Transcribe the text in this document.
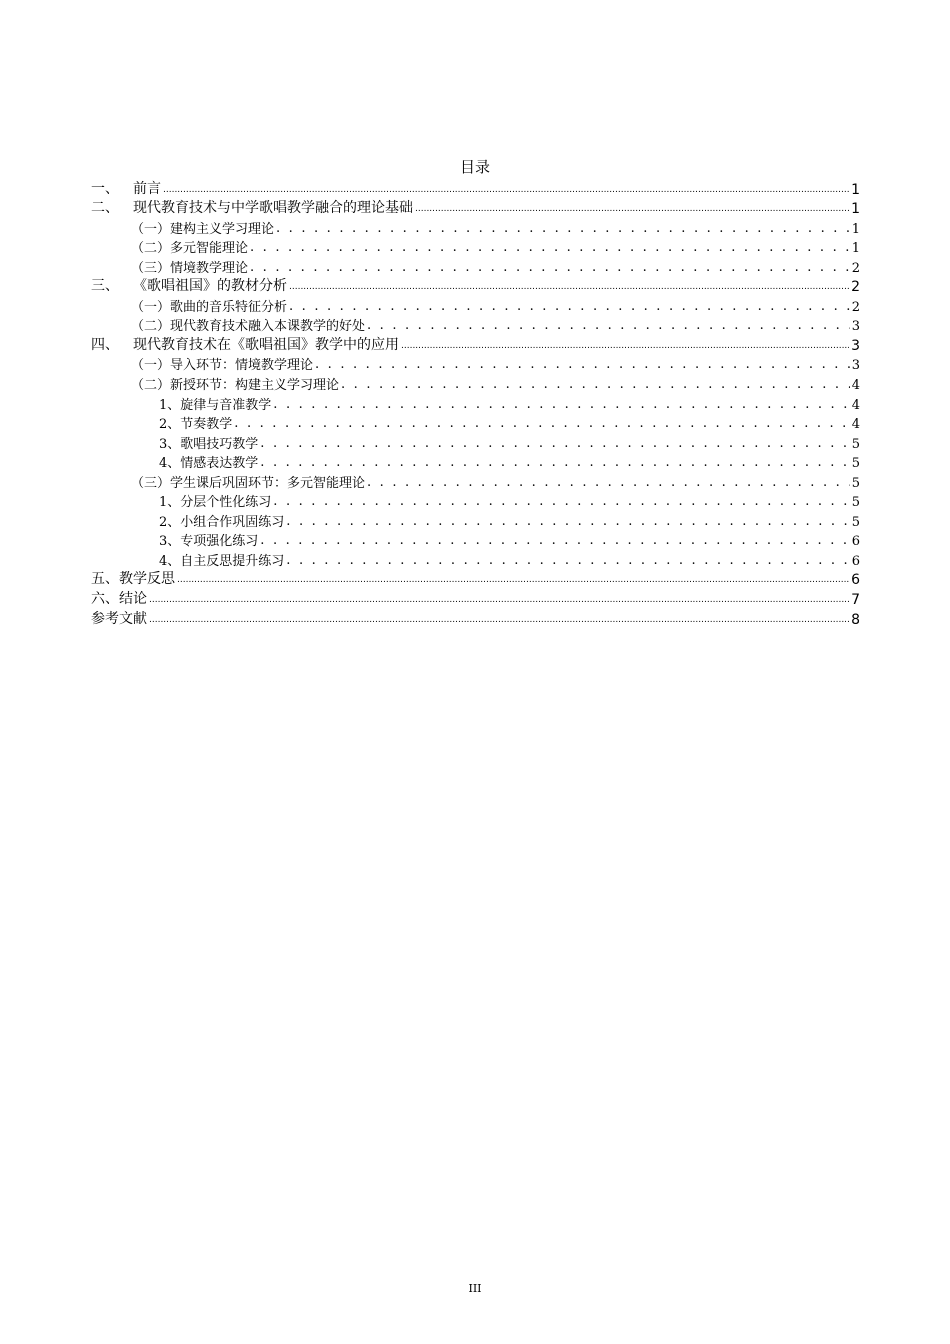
目录
一、 前言 .....	1
二、 现代教育技术与中学歌唱教学融合的理论基础 .....	1
（一）建构主义学习理论 . . .	1
（二）多元智能理论 . . .	1
（三）情境教学理论 . . .	2
三、 《歌唱祖国》的教材分析 .....	2
（一）歌曲的音乐特征分析 . . .	2
（二）现代教育技术融入本课教学的好处 . . .	3
四、 现代教育技术在《歌唱祖国》教学中的应用 .....	3
（一）导入环节：情境教学理论 . . .	3
（二）新授环节：构建主义学习理论 . . .	4
1、旋律与音准教学 . . .	4
2、节奏教学 . . .	4
3、歌唱技巧教学 . . .	5
4、情感表达教学 . . .	5
（三）学生课后巩固环节：多元智能理论 . . .	5
1、分层个性化练习 . . .	5
2、小组合作巩固练习 . . .	5
3、专项强化练习 . . .	6
4、自主反思提升练习 . . .	6
五、教学反思 .....	6
六、结论 .....	7
参考文献 .....	8
III
